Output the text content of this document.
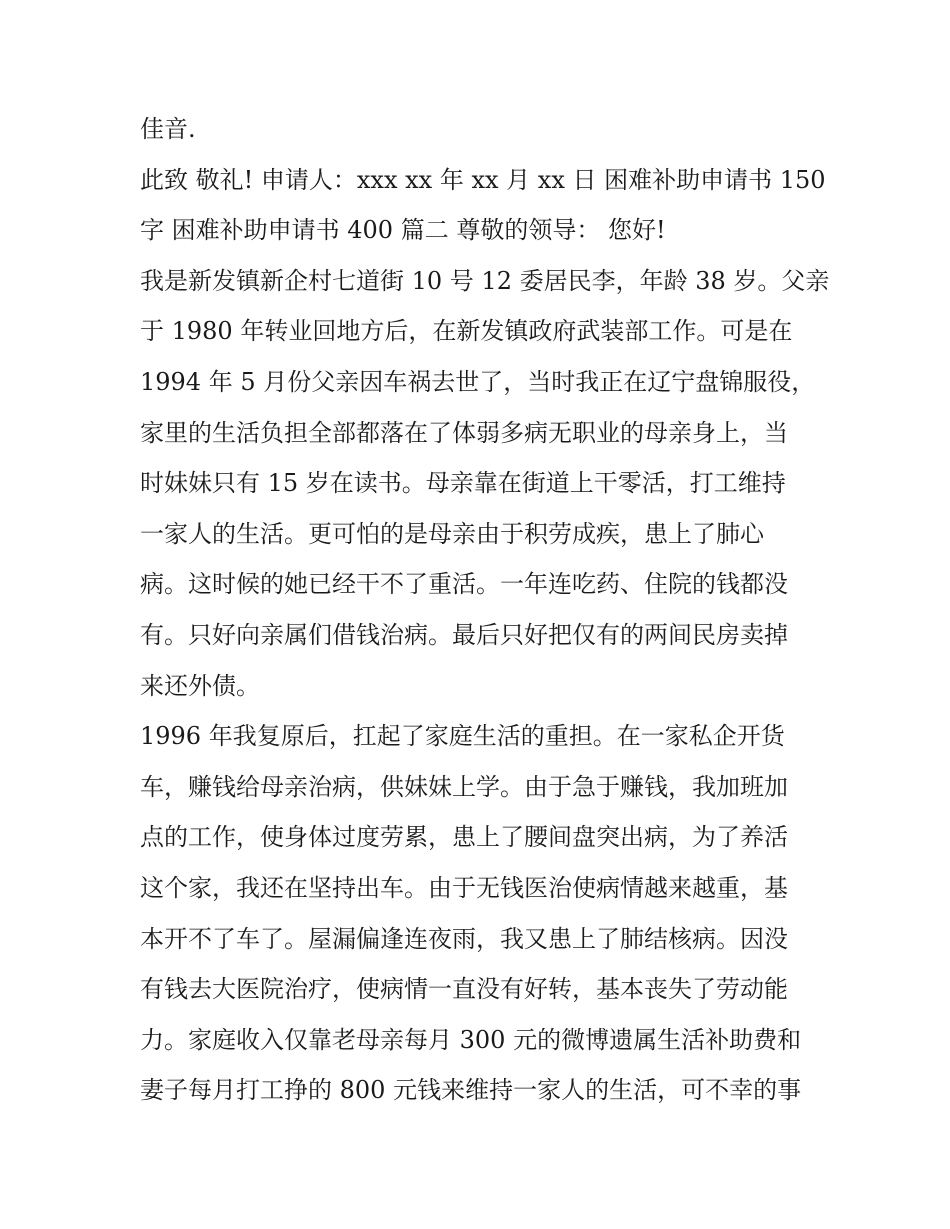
佳音.
此致 敬礼! 申请人：xxx xx 年 xx 月 xx 日 困难补助申请书 150
字 困难补助申请书 400 篇二 尊敬的领导： 您好!
我是新发镇新企村七道街 10 号 12 委居民李，年龄 38 岁。父亲
于 1980 年转业回地方后，在新发镇政府武装部工作。可是在
1994 年 5 月份父亲因车祸去世了，当时我正在辽宁盘锦服役，
家里的生活负担全部都落在了体弱多病无职业的母亲身上，当
时妹妹只有 15 岁在读书。母亲靠在街道上干零活，打工维持
一家人的生活。更可怕的是母亲由于积劳成疾，患上了肺心
病。这时候的她已经干不了重活。一年连吃药、住院的钱都没
有。只好向亲属们借钱治病。最后只好把仅有的两间民房卖掉
来还外债。
1996 年我复原后，扛起了家庭生活的重担。在一家私企开货
车，赚钱给母亲治病，供妹妹上学。由于急于赚钱，我加班加
点的工作，使身体过度劳累，患上了腰间盘突出病，为了养活
这个家，我还在坚持出车。由于无钱医治使病情越来越重，基
本开不了车了。屋漏偏逢连夜雨，我又患上了肺结核病。因没
有钱去大医院治疗，使病情一直没有好转，基本丧失了劳动能
力。家庭收入仅靠老母亲每月 300 元的微博遗属生活补助费和
妻子每月打工挣的 800 元钱来维持一家人的生活，可不幸的事
